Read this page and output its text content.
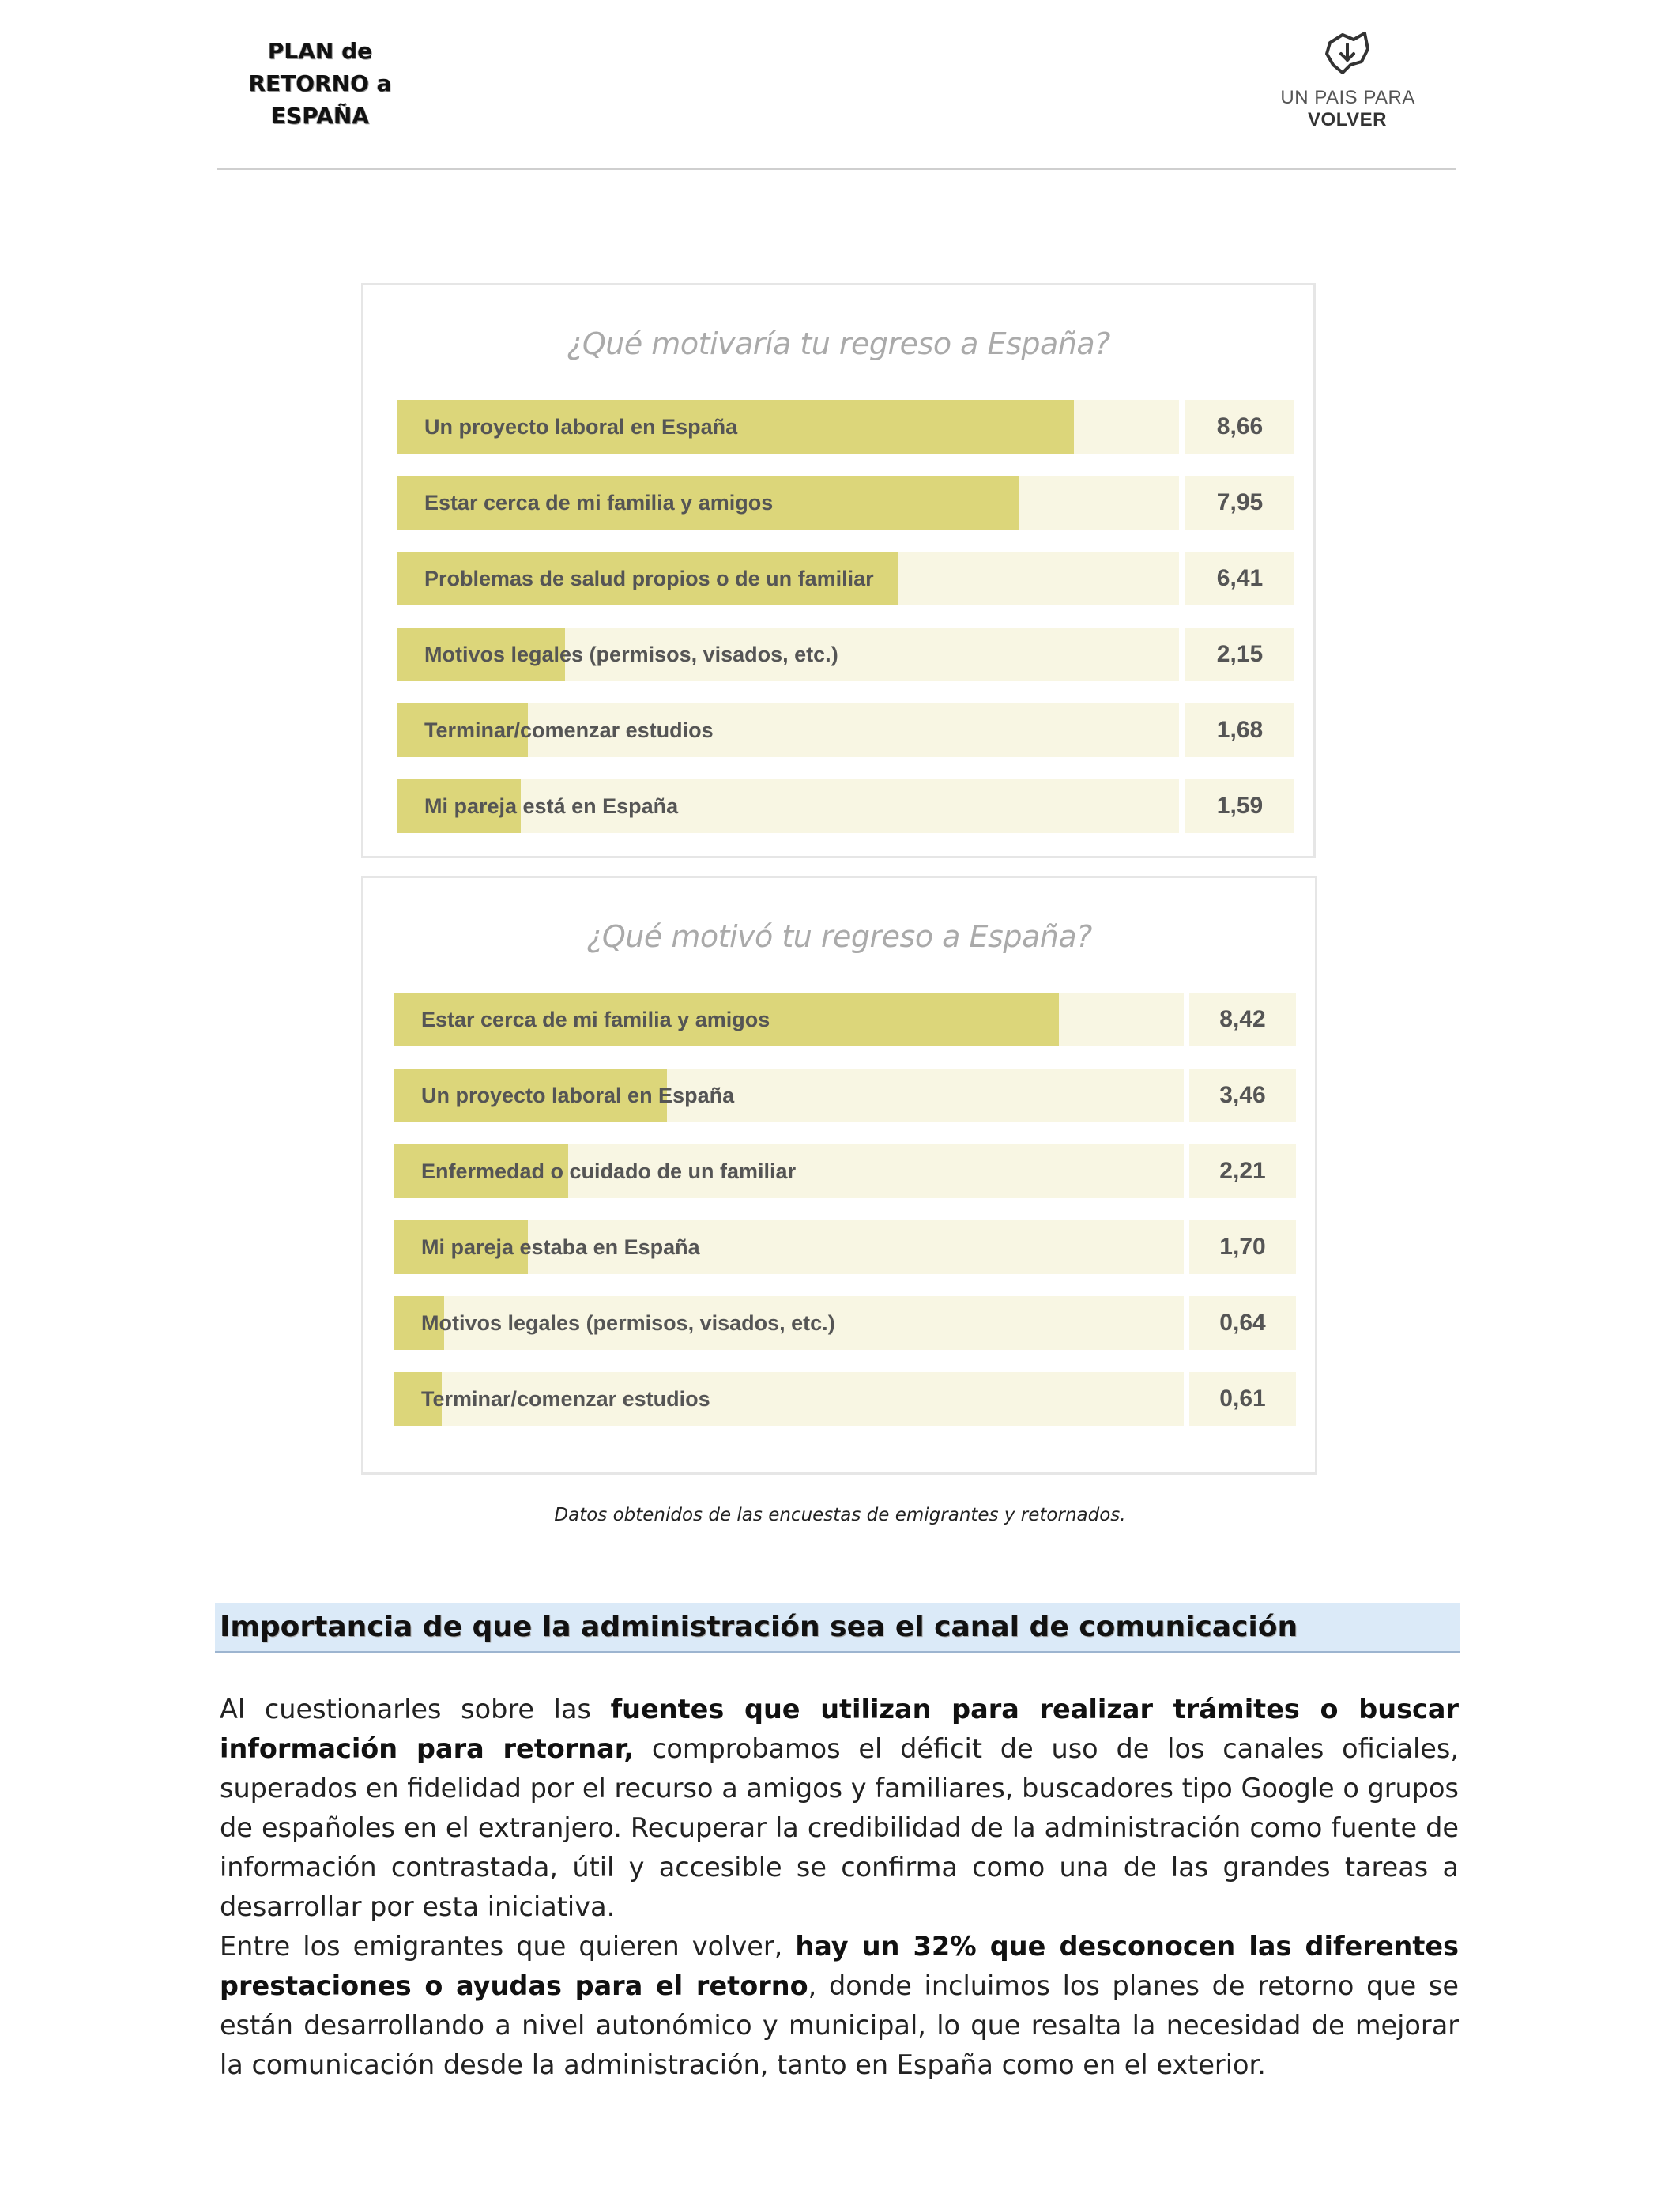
PLAN de
RETORNO a
ESPAÑA
UN PAIS PARA VOLVER
¿Qué motivaría tu regreso a España?
Un proyecto laboral en España	8,66
Estar cerca de mi familia y amigos	7,95
Problemas de salud propios o de un familiar	6,41
Motivos legales (permisos, visados, etc.)	2,15
Terminar/comenzar estudios	1,68
Mi pareja está en España	1,59
¿Qué motivó tu regreso a España?
Estar cerca de mi familia y amigos	8,42
Un proyecto laboral en España	3,46
Enfermedad o cuidado de un familiar	2,21
Mi pareja estaba en España	1,70
Motivos legales (permisos, visados, etc.)	0,64
Terminar/comenzar estudios	0,61
Datos obtenidos de las encuestas de emigrantes y retornados.
Importancia de que la administración sea el canal de comunicación

Al cuestionarles sobre las fuentes que utilizan para realizar trámites o buscar información para retornar, comprobamos el déficit de uso de los canales oficiales, superados en fidelidad por el recurso a amigos y familiares, buscadores tipo Google o grupos de españoles en el extranjero. Recuperar la credibilidad de la administración como fuente de información contrastada, útil y accesible se confirma como una de las grandes tareas a desarrollar por esta iniciativa.

Entre los emigrantes que quieren volver, hay un 32% que desconocen las diferentes prestaciones o ayudas para el retorno, donde incluimos los planes de retorno que se están desarrollando a nivel autonómico y municipal, lo que resalta la necesidad de mejorar la comunicación desde la administración, tanto en España como en el exterior.
